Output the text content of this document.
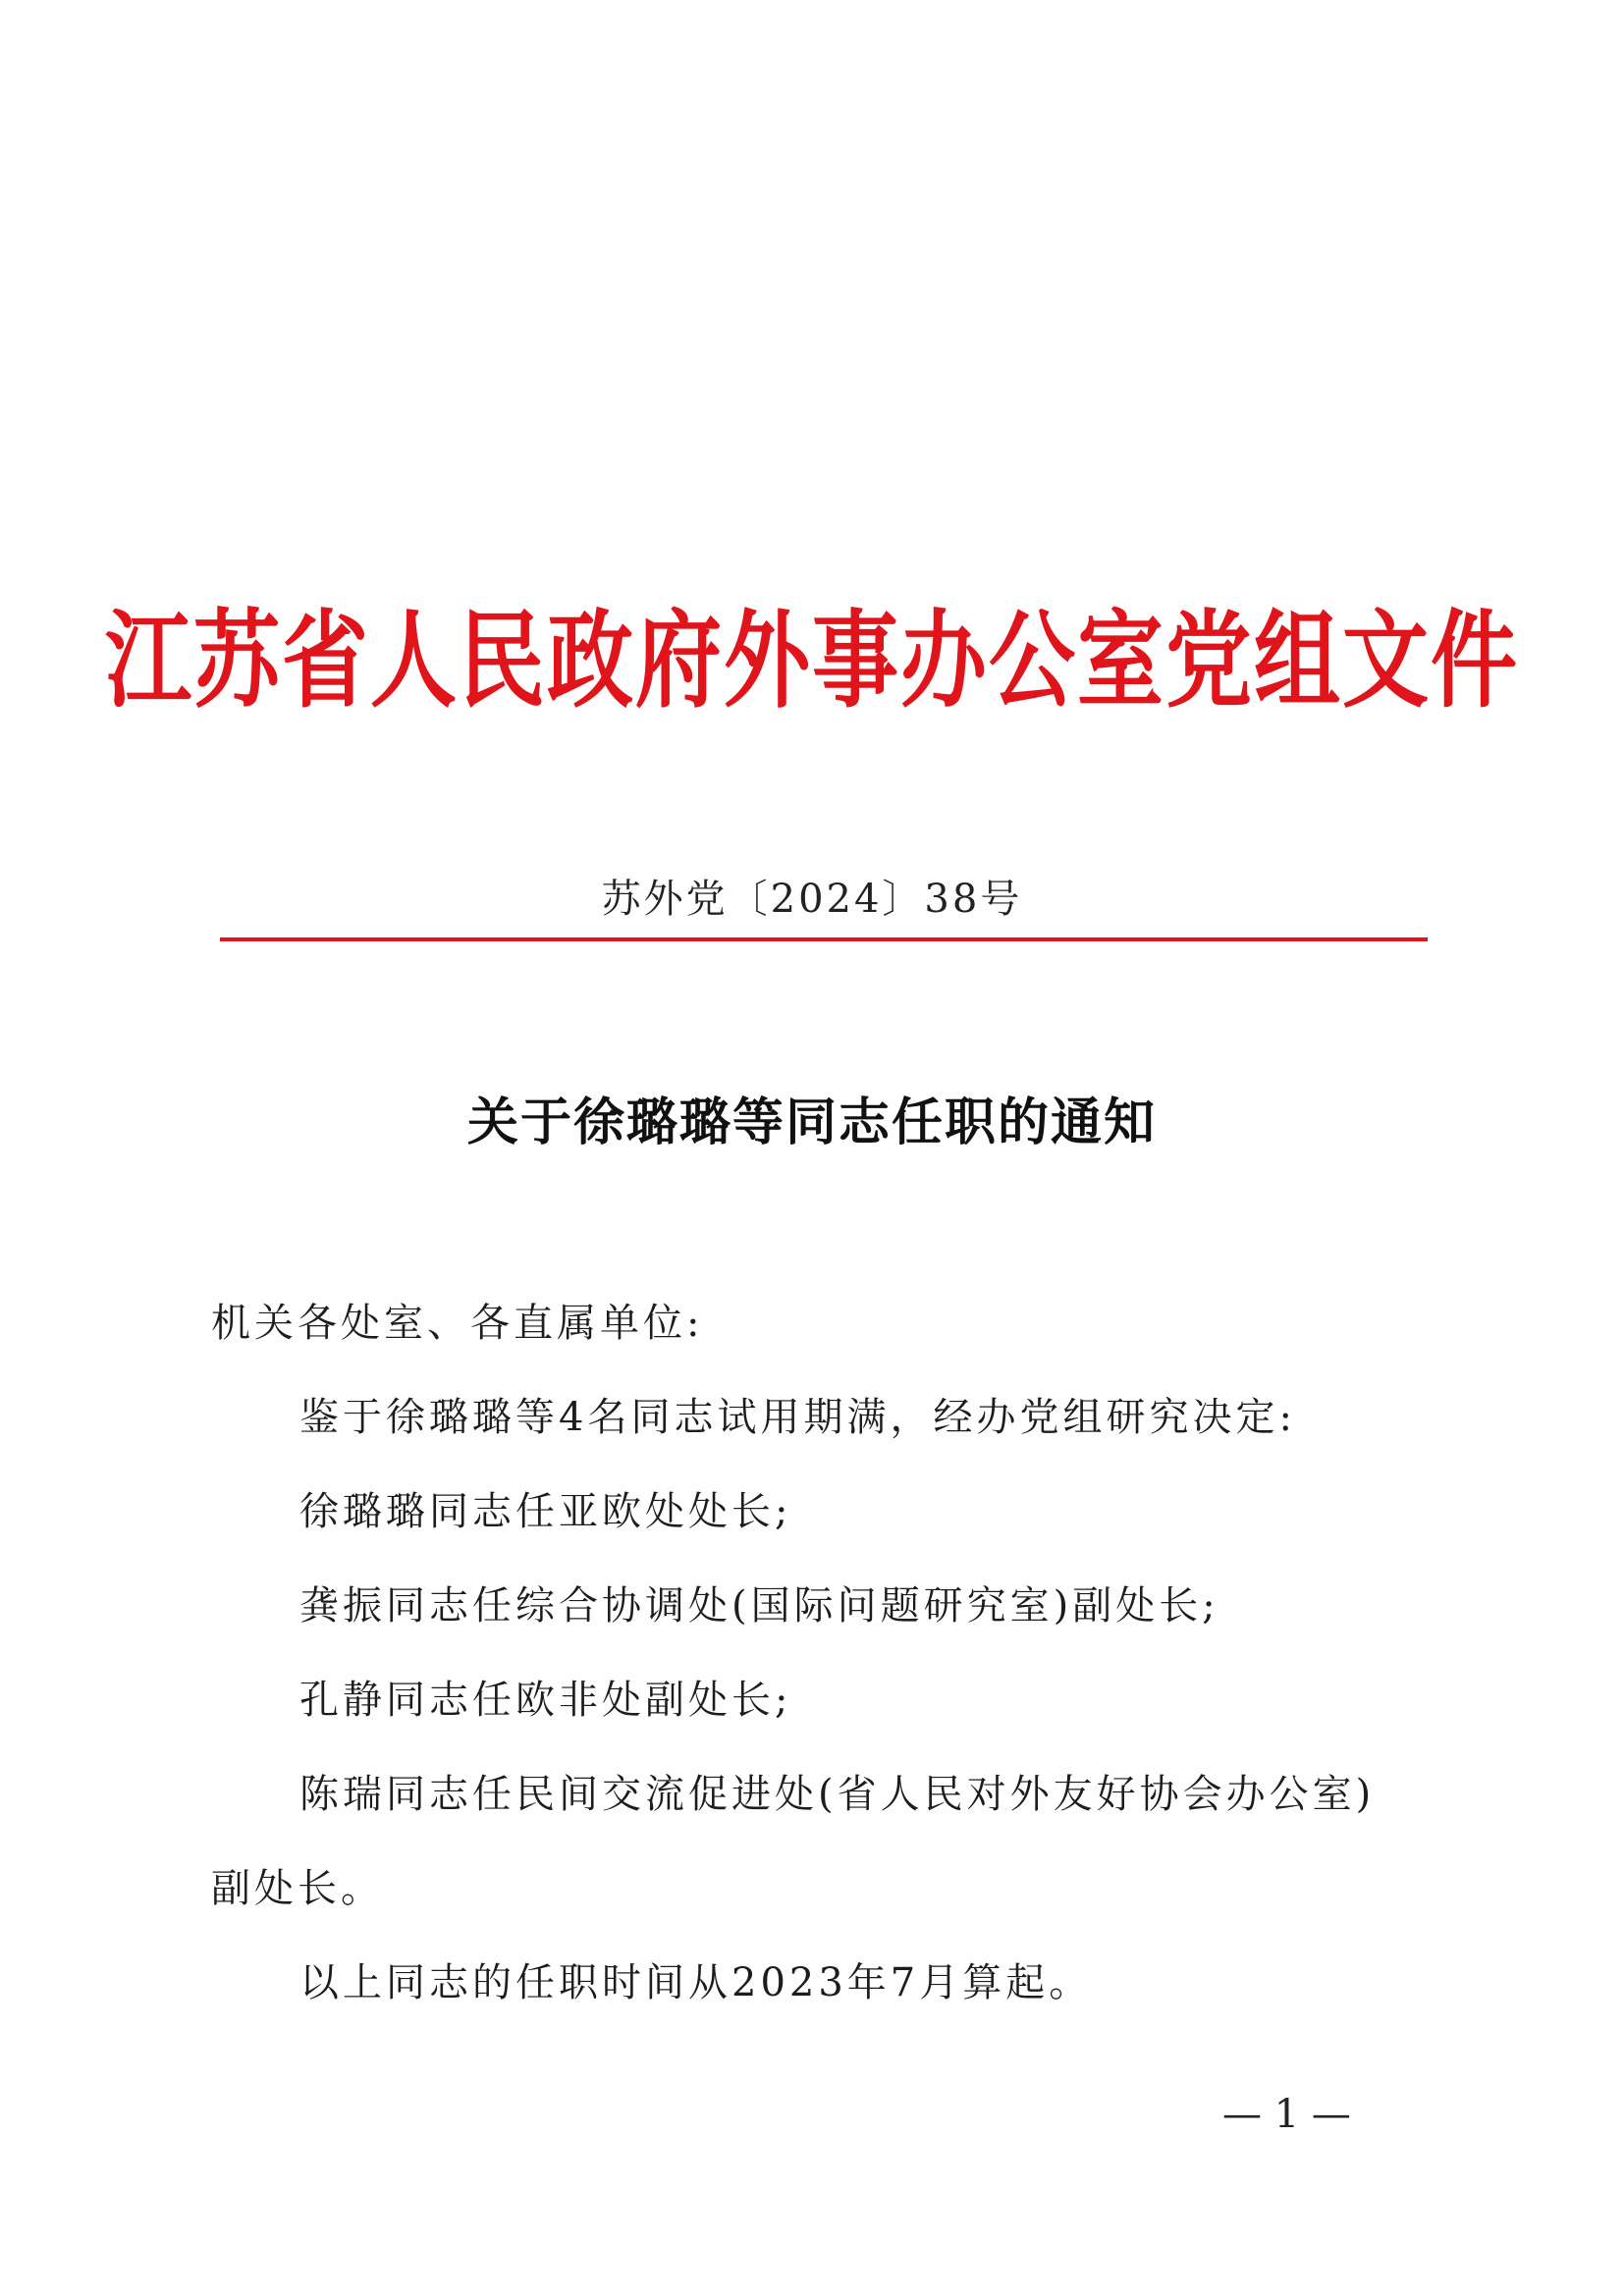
江苏省人民政府外事办公室党组文件
苏外党〔2024〕38号
关于徐璐璐等同志任职的通知

机关各处室、各直属单位:

鉴于徐璐璐等4名同志试用期满，经办党组研究决定:

徐璐璐同志任亚欧处处长;

龚振同志任综合协调处(国际问题研究室)副处长;

孔静同志任欧非处副处长;

陈瑞同志任民间交流促进处(省人民对外友好协会办公室)

副处长。

以上同志的任职时间从2023年7月算起。

— 1 —
